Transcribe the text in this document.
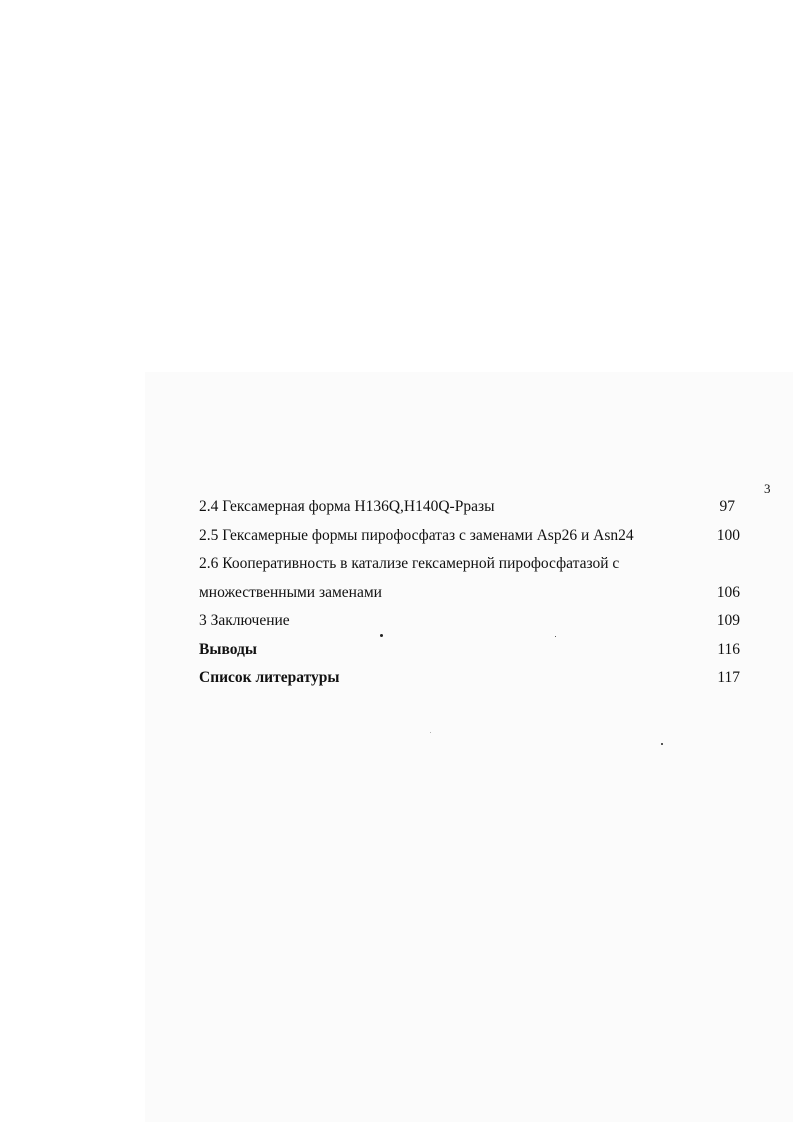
3
2.4 Гексамерная форма H136Q,H140Q-Ppазы	97
2.5 Гексамерные формы пирофосфатаз с заменами Asp26 и Asn24	100
2.6 Кооперативность в катализе гексамерной пирофосфатазой с
множественными заменами	106
3 Заключение	109
Выводы	116
Список литературы	117
